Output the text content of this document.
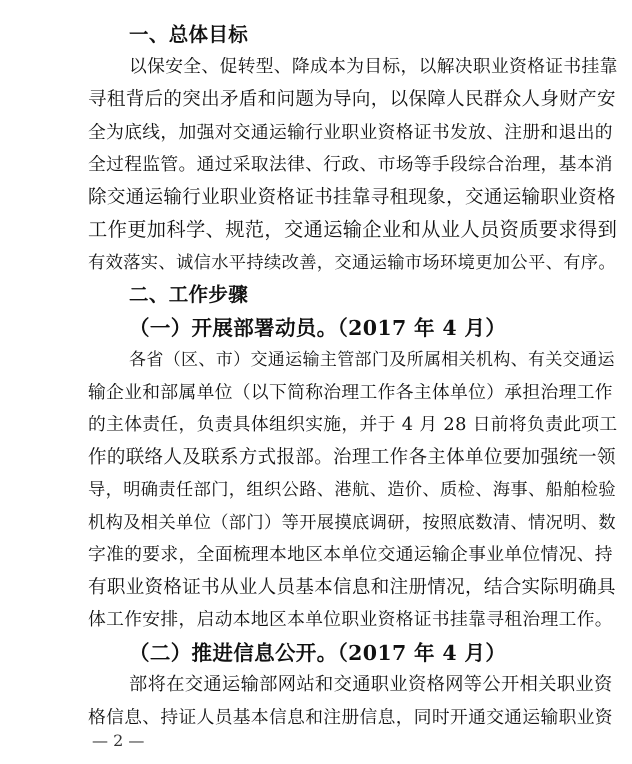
一、总体目标
以保安全、促转型、降成本为目标，以解决职业资格证书挂靠
寻租背后的突出矛盾和问题为导向，以保障人民群众人身财产安
全为底线，加强对交通运输行业职业资格证书发放、注册和退出的
全过程监管。通过采取法律、行政、市场等手段综合治理，基本消
除交通运输行业职业资格证书挂靠寻租现象，交通运输职业资格
工作更加科学、规范，交通运输企业和从业人员资质要求得到
有效落实、诚信水平持续改善，交通运输市场环境更加公平、有序。
二、工作步骤
（一）开展部署动员。（2017 年 4 月）
各省（区、市）交通运输主管部门及所属相关机构、有关交通运
输企业和部属单位（以下简称治理工作各主体单位）承担治理工作
的主体责任，负责具体组织实施，并于 4 月 28 日前将负责此项工
作的联络人及联系方式报部。治理工作各主体单位要加强统一领
导，明确责任部门，组织公路、港航、造价、质检、海事、船舶检验
机构及相关单位（部门）等开展摸底调研，按照底数清、情况明、数
字准的要求，全面梳理本地区本单位交通运输企事业单位情况、持
有职业资格证书从业人员基本信息和注册情况，结合实际明确具
体工作安排，启动本地区本单位职业资格证书挂靠寻租治理工作。
（二）推进信息公开。（2017 年 4 月）
部将在交通运输部网站和交通职业资格网等公开相关职业资
格信息、持证人员基本信息和注册信息，同时开通交通运输职业资
— 2 —
